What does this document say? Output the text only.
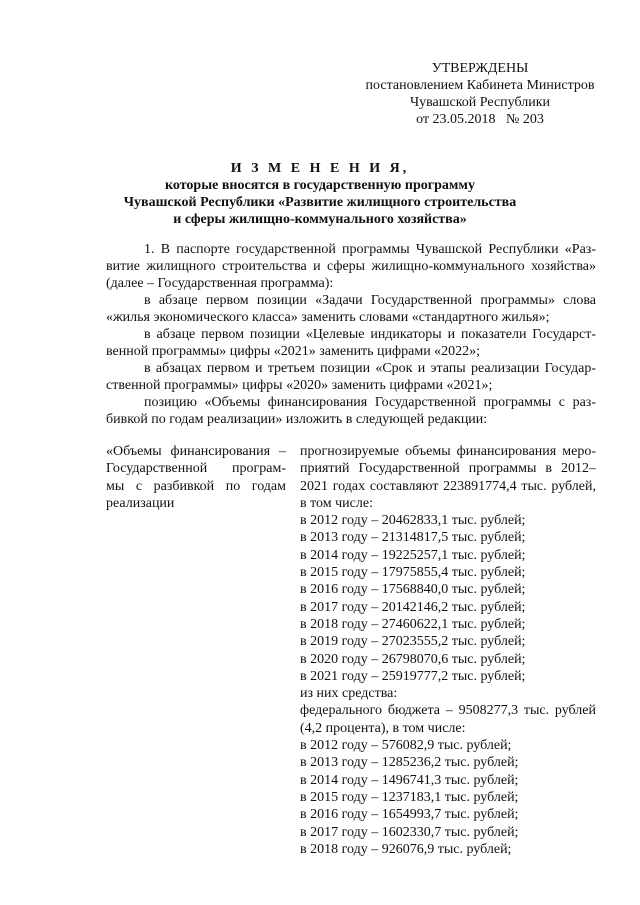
УТВЕРЖДЕНЫ
постановлением Кабинета Министров
Чувашской Республики
от 23.05.2018   № 203
И З М Е Н Е Н И Я,
которые вносятся в государственную программу
Чувашской Республики «Развитие жилищного строительства
и сферы жилищно-коммунального хозяйства»
1. В паспорте государственной программы Чувашской Республики «Раз-
витие жилищного строительства и сферы жилищно-коммунального хозяйства»
(далее – Государственная программа):
в абзаце первом позиции «Задачи Государственной программы» слова
«жилья экономического класса» заменить словами «стандартного жилья»;
в абзаце первом позиции «Целевые индикаторы и показатели Государст-
венной программы» цифры «2021» заменить цифрами «2022»;
в абзацах первом и третьем позиции «Срок и этапы реализации Государ-
ственной программы» цифры «2020» заменить цифрами «2021»;
позицию «Объемы финансирования Государственной программы с раз-
бивкой по годам реализации» изложить в следующей редакции:
«Объемы финансирования –
Государственной програм-
мы с разбивкой по годам
реализации
прогнозируемые объемы финансирования меро-
приятий Государственной программы в 2012–
2021 годах составляют 223891774,4 тыс. рублей,
в том числе:
в 2012 году – 20462833,1 тыс. рублей;
в 2013 году – 21314817,5 тыс. рублей;
в 2014 году – 19225257,1 тыс. рублей;
в 2015 году – 17975855,4 тыс. рублей;
в 2016 году – 17568840,0 тыс. рублей;
в 2017 году – 20142146,2 тыс. рублей;
в 2018 году – 27460622,1 тыс. рублей;
в 2019 году – 27023555,2 тыс. рублей;
в 2020 году – 26798070,6 тыс. рублей;
в 2021 году – 25919777,2 тыс. рублей;
из них средства:
федерального бюджета – 9508277,3 тыс. рублей
(4,2 процента), в том числе:
в 2012 году – 576082,9 тыс. рублей;
в 2013 году – 1285236,2 тыс. рублей;
в 2014 году – 1496741,3 тыс. рублей;
в 2015 году – 1237183,1 тыс. рублей;
в 2016 году – 1654993,7 тыс. рублей;
в 2017 году – 1602330,7 тыс. рублей;
в 2018 году – 926076,9 тыс. рублей;
